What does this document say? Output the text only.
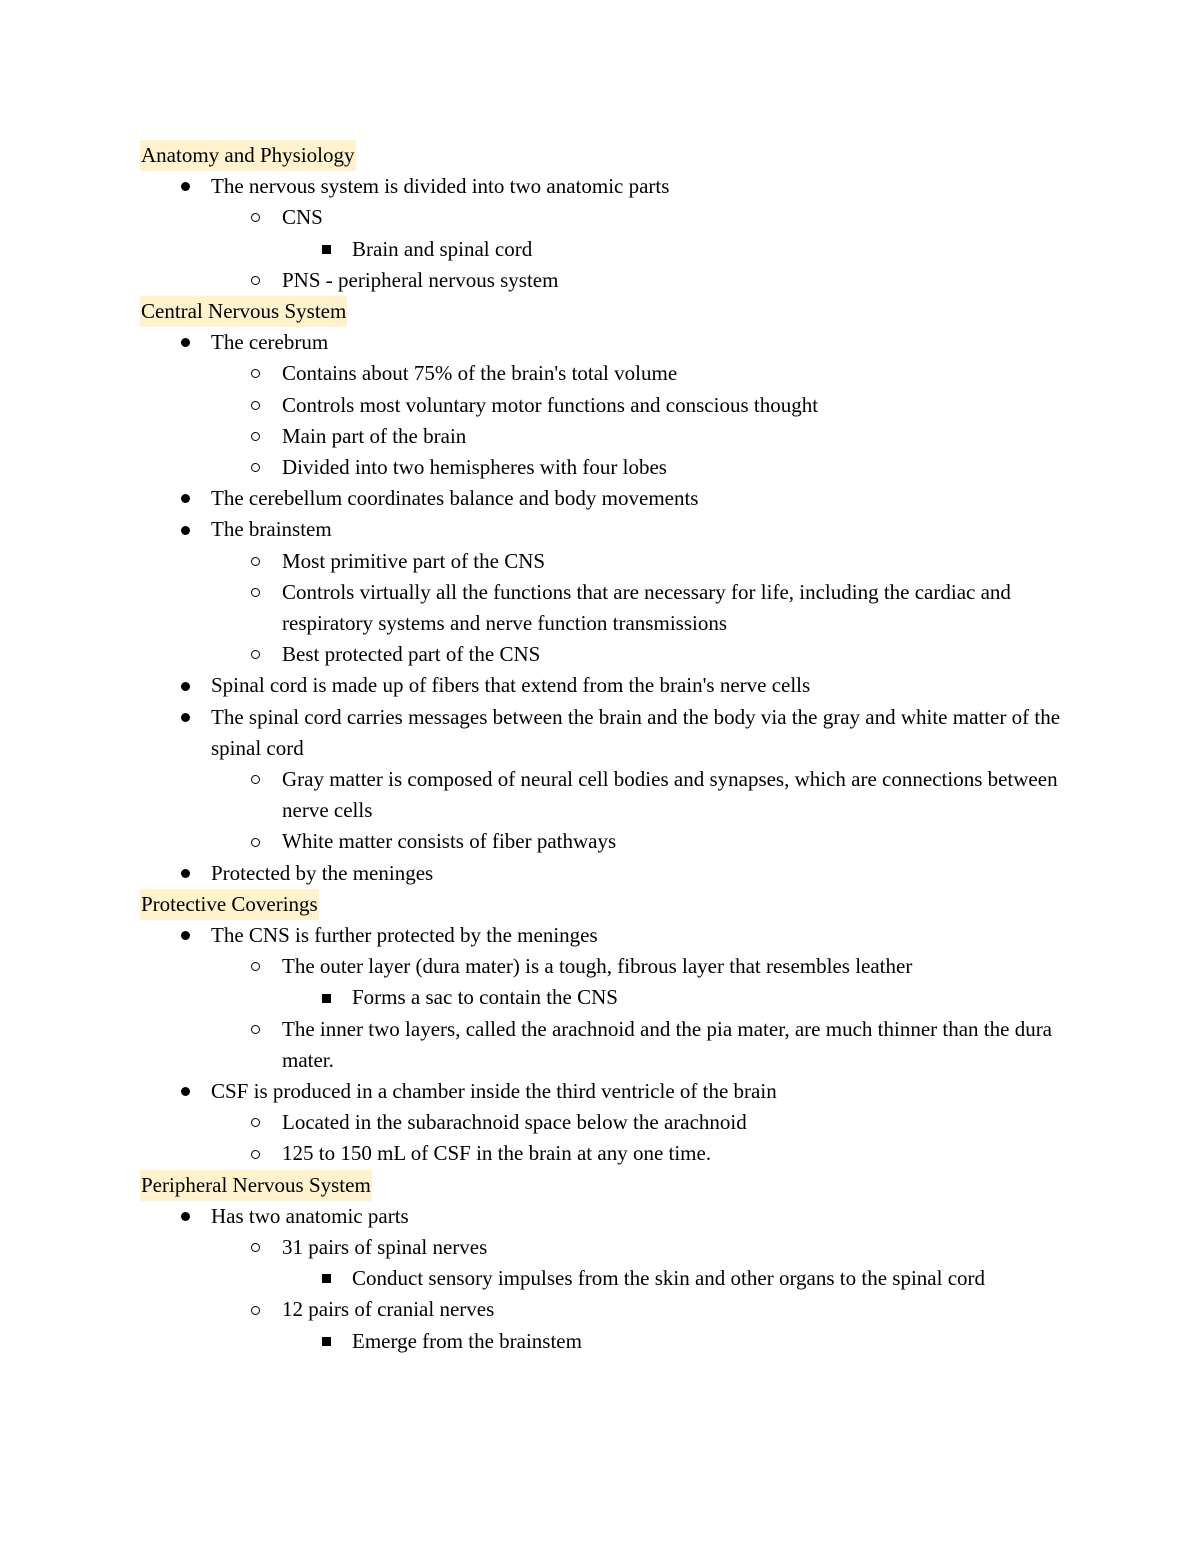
Anatomy and Physiology
The nervous system is divided into two anatomic parts
CNS
Brain and spinal cord
PNS - peripheral nervous system
Central Nervous System
The cerebrum
Contains about 75% of the brain's total volume
Controls most voluntary motor functions and conscious thought
Main part of the brain
Divided into two hemispheres with four lobes
The cerebellum coordinates balance and body movements
The brainstem
Most primitive part of the CNS
Controls virtually all the functions that are necessary for life, including the cardiac and respiratory systems and nerve function transmissions
Best protected part of the CNS
Spinal cord is made up of fibers that extend from the brain's nerve cells
The spinal cord carries messages between the brain and the body via the gray and white matter of the spinal cord
Gray matter is composed of neural cell bodies and synapses, which are connections between nerve cells
White matter consists of fiber pathways
Protected by the meninges
Protective Coverings
The CNS is further protected by the meninges
The outer layer (dura mater) is a tough, fibrous layer that resembles leather
Forms a sac to contain the CNS
The inner two layers, called the arachnoid and the pia mater, are much thinner than the dura mater.
CSF is produced in a chamber inside the third ventricle of the brain
Located in the subarachnoid space below the arachnoid
125 to 150 mL of CSF in the brain at any one time.
Peripheral Nervous System
Has two anatomic parts
31 pairs of spinal nerves
Conduct sensory impulses from the skin and other organs to the spinal cord
12 pairs of cranial nerves
Emerge from the brainstem
